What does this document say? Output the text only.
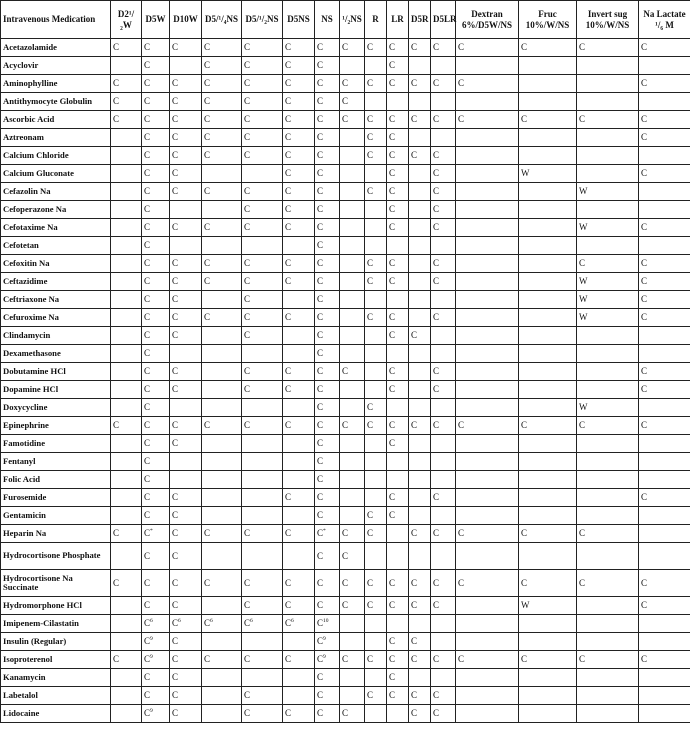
Intravenous Medication	D2¹/₂W	D5W	D10W	D5/¹/₄NS	D5/¹/₂NS	D5NS	NS	¹/₂NS	R	LR	D5R	D5LR	Dextran 6%/D5W/NS	Fruc 10%/W/NS	Invert sug 10%/W/NS	Na Lactate ¹/₆ M
Acetazolamide	C	C	C	C	C	C	C	C	C	C	C	C	C	C	C	C
Acyclovir		C		C	C	C	C			C						
Aminophylline	C	C	C	C	C	C	C	C	C	C	C	C	C			C
Antithymocyte Globulin	C	C	C	C	C	C	C	C								
Ascorbic Acid	C	C	C	C	C	C	C	C	C	C	C	C	C	C	C	C
Aztreonam		C	C	C	C	C	C		C	C						C
Calcium Chloride		C	C	C	C	C	C		C	C	C	C				
Calcium Gluconate		C	C			C	C			C		C		W		C
Cefazolin Na		C	C	C	C	C	C		C	C		C			W	
Cefoperazone Na		C			C	C	C			C		C				
Cefotaxime Na		C	C	C	C	C	C			C		C			W	C
Cefotetan		C					C									
Cefoxitin Na		C	C	C	C	C	C		C	C		C			C	C
Ceftazidime		C	C	C	C	C	C		C	C		C			W	C
Ceftriaxone Na		C	C		C		C								W	C
Cefuroxime Na		C	C	C	C	C	C		C	C		C			W	C
Clindamycin		C	C		C		C			C	C					
Dexamethasone		C					C									
Dobutamine HCl		C	C		C	C	C	C		C		C				C
Dopamine HCl		C	C		C	C	C			C		C				C
Doxycycline		C					C		C						W	
Epinephrine	C	C	C	C	C	C	C	C	C	C	C	C	C	C	C	C
Famotidine		C	C				C			C						
Fentanyl		C					C									
Folic Acid		C					C									
Furosemide		C	C			C	C			C		C				C
Gentamicin		C	C				C		C	C						
Heparin Na	C	C*	C	C	C	C	C*	C	C		C	C	C	C	C	
Hydrocortisone Phosphate		C	C				C	C								
Hydrocortisone Na Succinate	C	C	C	C	C	C	C	C	C	C	C	C	C	C	C	C
Hydromorphone HCl		C	C		C	C	C	C	C	C	C	C		W		C
Imipenem-Cilastatin		$C^6$	$C^6$	$C^6$	$C^6$	$C^6$	$C^{10}$									
Insulin (Regular)		$C^9$	C				$C^9$			C	C					
Isoproterenol	C	$C^9$	C	C	C	C	$C^9$	C	C	C	C	C	C	C	C	C
Kanamycin		C	C				C			C						
Labetalol		C	C		C		C		C	C	C	C				
Lidocaine		$C^9$	C		C	C	C	C			C	C				
